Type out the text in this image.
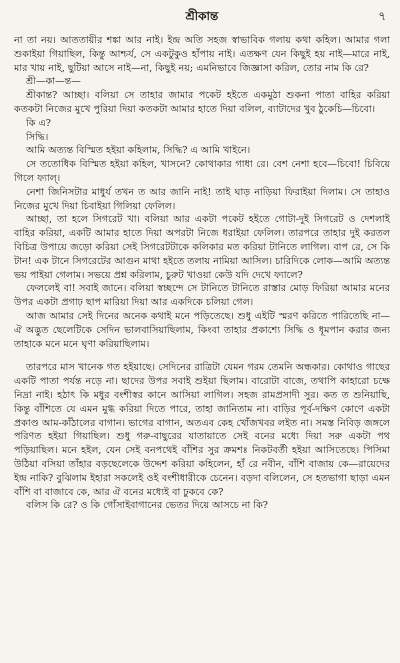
শ্রীকান্ত	৭

না তা নয়। আততায়ীর শঙ্কা আর নাই। ইন্দ্র অতি সহজ স্বাভাবিক গলায় কথা কহিল। আমার গলা শুকাইয়া গিয়াছিল, কিন্তু আশ্চর্য, সে একটুকুও হাঁপায় নাই। এতক্ষণ যেন কিছুই হয় নাই—মারে নাই, মার খায় নাই, ছুটিয়া আসে নাই—না, কিছুই নয়; এমনিভাবে জিজ্ঞাসা করিল, তোর নাম কি রে?

শ্রী—কা—ন্ত—

শ্রীকান্ত? আচ্ছা। বলিয়া সে তাহার জামার পকেট হইতে একমুঠা শুকনা পাতা বাহির করিয়া কতকটা নিজের মুখে পুরিয়া দিয়া কতকটা আমার হাতে দিয়া বলিল, ব্যাটাদের খুব ঠুকেচি—চিবো।

কি এ?

সিদ্ধি।

আমি অত্যন্ত বিস্মিত হইয়া কহিলাম, সিদ্ধি? এ আমি খাইনে।

সে ততোধিক বিস্মিত হইয়া কহিল, খাসনে? কোথাকার গাধা রে। বেশ নেশা হবে—চিবো! চিবিয়ে গিলে ফ্যাল্।

নেশা জিনিসটার মাধুর্য তখন ত আর জানি নাই! তাই ঘাড় নাড়িয়া ফিরাইয়া দিলাম। সে তাহাও নিজের মুখে দিয়া চিবাইয়া গিলিয়া ফেলিল।

আচ্ছা, তা হলে সিগরেট খা। বলিয়া আর একটা পকেট হইতে গোটা-দুই সিগরেট ও দেশলাই বাহির করিয়া, একটি আমার হাতে দিয়া অপরটা নিজে ধরাইয়া ফেলিল। তারপরে তাহার দুই করতল বিচিত্র উপায়ে জড়ো করিয়া সেই সিগরেটটাকে কলিকার মত করিয়া টানিতে লাগিল। বাপ রে, সে কি টান! এক টানে সিগরেটের আগুন মাথা হইতে তলায় নামিয়া আসিল। চারিদিকে লোক—আমি অত্যন্ত ভয় পাইয়া গেলাম। সভয়ে প্রশ্ন করিলাম, চুরুট খাওয়া কেউ যদি দেখে ফ্যালে?

ফেললেই বা! সবাই জানে। বলিয়া স্বচ্ছন্দে সে টানিতে টানিতে রাস্তার মোড় ফিরিয়া আমার মনের উপর একটা প্রগাঢ় ছাপ মারিয়া দিয়া আর একদিকে চলিয়া গেল।

আজ আমার সেই দিনের অনেক কথাই মনে পড়িতেছে। শুধু এইটি স্মরণ করিতে পারিতেছি না—ঐ অদ্ভুত ছেলেটিকে সেদিন ভালবাসিয়াছিলাম, কিংবা তাহার প্রকাশ্যে সিদ্ধি ও ধূমপান করার জন্য তাহাকে মনে মনে ঘৃণা করিয়াছিলাম।

তারপরে মাস খানেক গত হইয়াছে। সেদিনের রাত্রিটা যেমন গরম তেমনি অন্ধকার। কোথাও গাছের একটি পাতা পর্যন্ত নড়ে না। ছাদের উপর সবাই শুইয়া ছিলাম। বারোটা বাজে, তথাপি কাহারো চক্ষে নিদ্রা নাই। হঠাৎ কি মধুর বংশীস্বর কানে আসিয়া লাগিল। সহজ রামপ্রসাদী সুর। কত ত শুনিয়াছি, কিন্তু বাঁশিতে যে এমন মুগ্ধ করিয়া দিতে পারে, তাহা জানিতাম না। বাড়ির পূর্ব-দক্ষিণ কোণে একটা প্রকাণ্ড আম-কাঁঠালের বাগান। ভাগের বাগান, অতএব কেহ খোঁজখবর লইত না। সমস্ত নিবিড় জঙ্গলে পরিণত হইয়া গিয়াছিল। শুধু গরু-বাছুরের যাতায়াতে সেই বনের মধ্যে দিয়া সরু একটা পথ পড়িয়াছিল। মনে হইল, যেন সেই বনপথেই বাঁশির সুর ক্রমশঃ নিকটবর্তী হইয়া আসিতেছে। পিসিমা উঠিয়া বসিয়া তাঁহার বড়ছেলেকে উদ্দেশ করিয়া কহিলেন, হাঁ রে নবীন, বাঁশি বাজায় কে—রায়েদের ইন্দ্র নাকি? বুঝিলাম ইহারা সকলেই ওই বংশীধারীকে চেনেন। বড়দা বলিলেন, সে হতভাগা ছাড়া এমন বাঁশি বা বাজাবে কে, আর ঐ বনের মধ্যেই বা ঢুকবে কে?

বলিস কি রে? ও কি গোঁসাইবাগানের ভেতর দিয়ে আসচে না কি?
